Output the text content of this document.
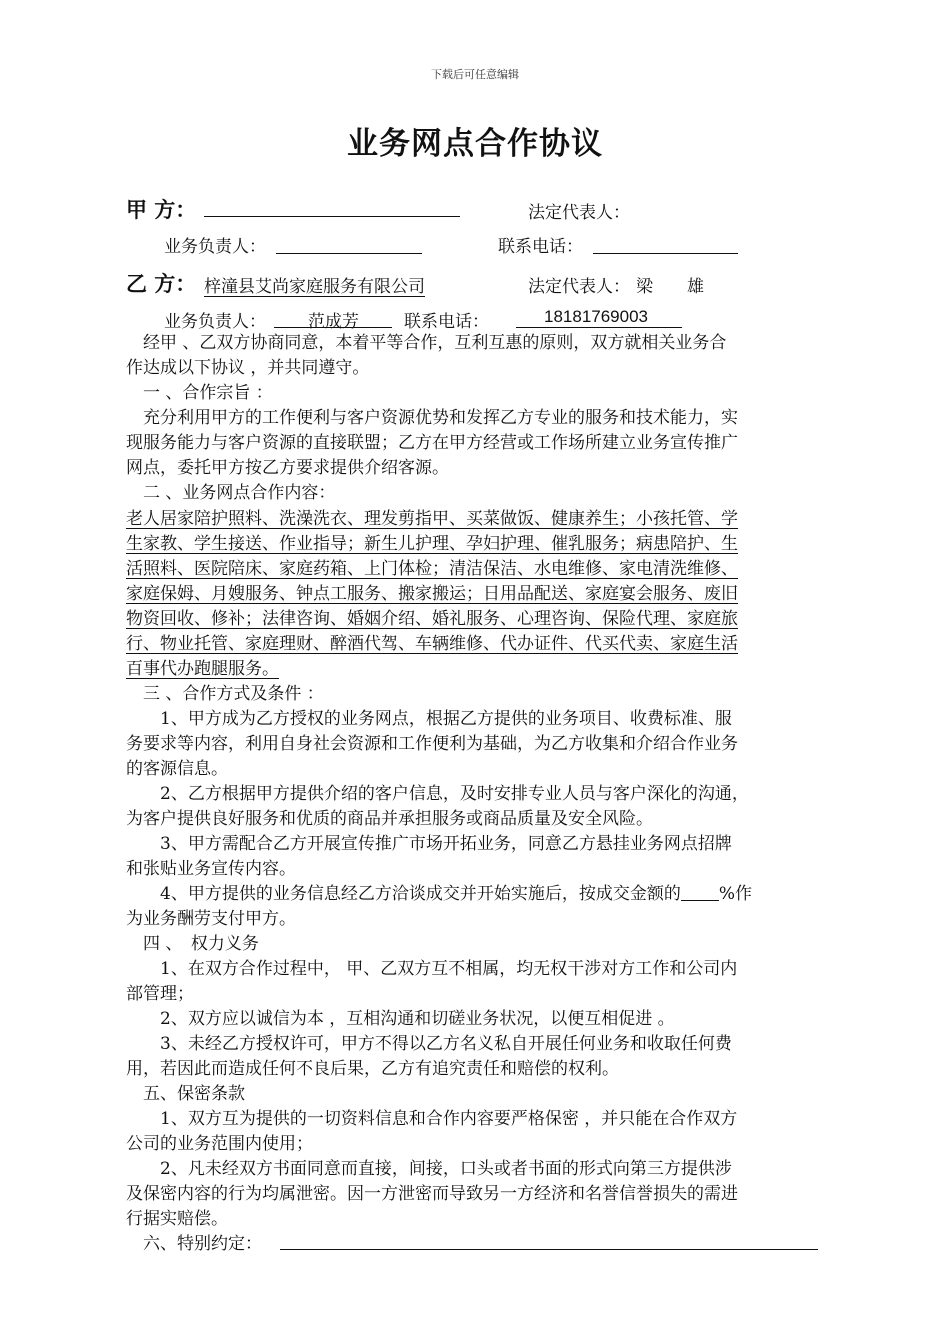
下载后可任意编辑
业务网点合作协议
甲 方：	法定代表人：
业务负责人：	联系电话：
乙 方： 梓潼县艾尚家庭服务有限公司	法定代表人： 梁　　雄
业务负责人： 范成芳	联系电话：	18181769003
　经甲 、乙双方协商同意，本着平等合作，互利互惠的原则，双方就相关业务合
作达成以下协议 ，并共同遵守。
　一 、合作宗旨 ：
　充分利用甲方的工作便利与客户资源优势和发挥乙方专业的服务和技术能力，实
现服务能力与客户资源的直接联盟；乙方在甲方经营或工作场所建立业务宣传推广
网点，委托甲方按乙方要求提供介绍客源。
　二 、业务网点合作内容：
老人居家陪护照料、洗澡洗衣、理发剪指甲、买菜做饭、健康养生；小孩托管、学
生家教、学生接送、作业指导；新生儿护理、孕妇护理、催乳服务；病患陪护、生
活照料、医院陪床、家庭药箱、上门体检；清洁保洁、水电维修、家电清洗维修、
家庭保姆、月嫂服务、钟点工服务、搬家搬运；日用品配送、家庭宴会服务、废旧
物资回收、修补；法律咨询、婚姻介绍、婚礼服务、心理咨询、保险代理、家庭旅
行、物业托管、家庭理财、醉酒代驾、车辆维修、代办证件、代买代卖、家庭生活
百事代办跑腿服务。
　三 、合作方式及条件 ：
　　1、甲方成为乙方授权的业务网点，根据乙方提供的业务项目、收费标准、服
务要求等内容，利用自身社会资源和工作便利为基础，为乙方收集和介绍合作业务
的客源信息。
　　2、乙方根据甲方提供介绍的客户信息，及时安排专业人员与客户深化的沟通，
为客户提供良好服务和优质的商品并承担服务或商品质量及安全风险。
　　3、甲方需配合乙方开展宣传推广市场开拓业务，同意乙方悬挂业务网点招牌
和张贴业务宣传内容。
　　4、甲方提供的业务信息经乙方洽谈成交并开始实施后，按成交金额的 %作
为业务酬劳支付甲方。
　四 、　权力义务
　　1、在双方合作过程中， 甲、乙双方互不相属，均无权干涉对方工作和公司内
部管理；
　　2、双方应以诚信为本 ，互相沟通和切磋业务状况，以便互相促进 。
　　3、未经乙方授权许可，甲方不得以乙方名义私自开展任何业务和收取任何费
用，若因此而造成任何不良后果，乙方有追究责任和赔偿的权利。
　五、保密条款
　　1、双方互为提供的一切资料信息和合作内容要严格保密 ，并只能在合作双方
公司的业务范围内使用；
　　2、凡未经双方书面同意而直接，间接，口头或者书面的形式向第三方提供涉
及保密内容的行为均属泄密。因一方泄密而导致另一方经济和名誉信誉损失的需进
行据实赔偿。
　六、特别约定：
